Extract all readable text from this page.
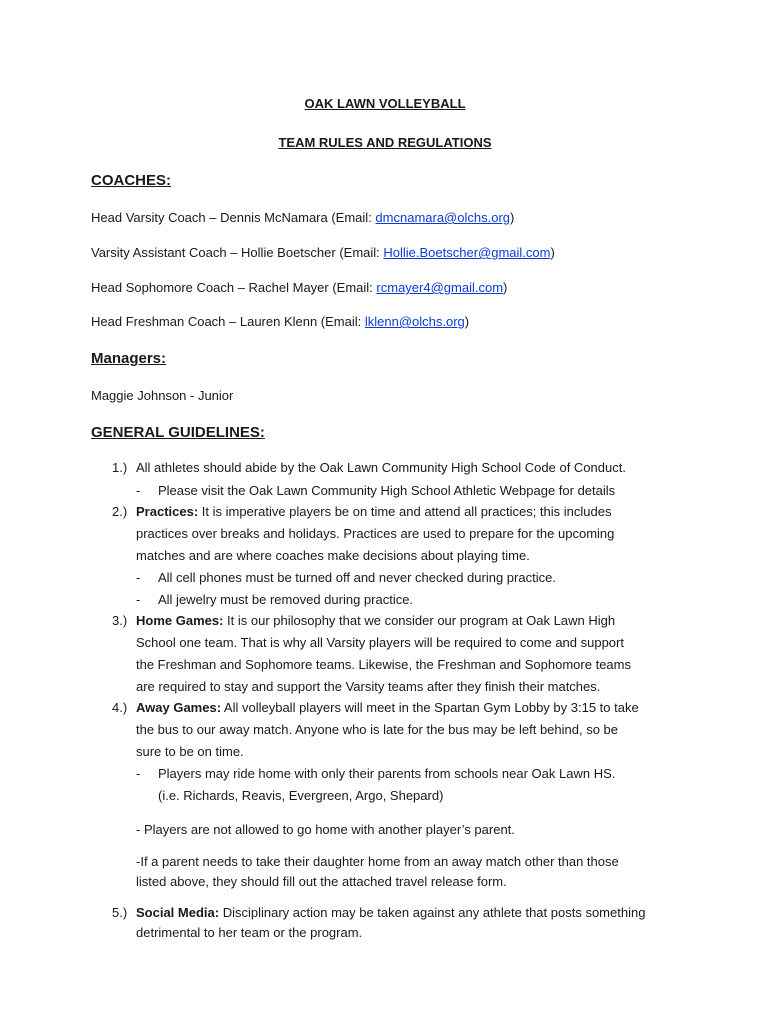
OAK LAWN VOLLEYBALL
TEAM RULES AND REGULATIONS
COACHES:
Head Varsity Coach – Dennis McNamara (Email: dmcnamara@olchs.org)
Varsity Assistant Coach – Hollie Boetscher (Email: Hollie.Boetscher@gmail.com)
Head Sophomore Coach – Rachel Mayer (Email: rcmayer4@gmail.com)
Head Freshman Coach – Lauren Klenn (Email: lklenn@olchs.org)
Managers:
Maggie Johnson - Junior
GENERAL GUIDELINES:
1.) All athletes should abide by the Oak Lawn Community High School Code of Conduct.
- Please visit the Oak Lawn Community High School Athletic Webpage for details
2.) Practices: It is imperative players be on time and attend all practices; this includes
practices over breaks and holidays. Practices are used to prepare for the upcoming
matches and are where coaches make decisions about playing time.
- All cell phones must be turned off and never checked during practice.
- All jewelry must be removed during practice.
3.) Home Games: It is our philosophy that we consider our program at Oak Lawn High
School one team. That is why all Varsity players will be required to come and support
the Freshman and Sophomore teams. Likewise, the Freshman and Sophomore teams
are required to stay and support the Varsity teams after they finish their matches.
4.) Away Games: All volleyball players will meet in the Spartan Gym Lobby by 3:15 to take
the bus to our away match. Anyone who is late for the bus may be left behind, so be
sure to be on time.
- Players may ride home with only their parents from schools near Oak Lawn HS.
(i.e. Richards, Reavis, Evergreen, Argo, Shepard)
- Players are not allowed to go home with another player’s parent.
-If a parent needs to take their daughter home from an away match other than those
listed above, they should fill out the attached travel release form.
5.) Social Media: Disciplinary action may be taken against any athlete that posts something
detrimental to her team or the program.
